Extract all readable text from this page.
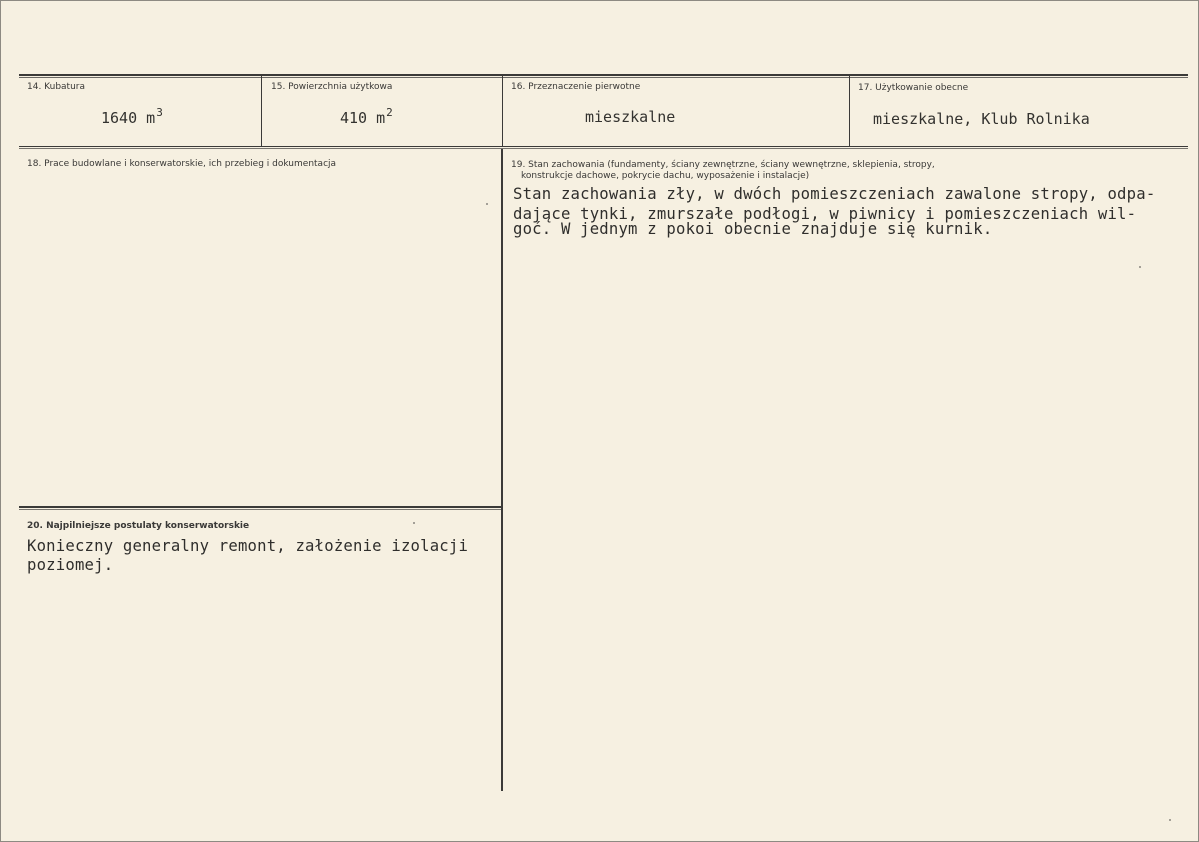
14. Kubatura
1640 $m^3$
15. Powierzchnia użytkowa
410 $m^2$
16. Przeznaczenie pierwotne
mieszkalne
17. Użytkowanie obecne
mieszkalne, Klub Rolnika
18. Prace budowlane i konserwatorskie, ich przebieg i dokumentacja	19. Stan zachowania (fundamenty, ściany zewnętrzne, ściany wewnętrzne, sklepienia, stropy,
konstrukcje dachowe, pokrycie dachu, wyposażenie i instalacje)
Stan zachowania zły, w dwóch pomieszczeniach zawalone stropy, odpa-
dające tynki, zmurszałe podłogi, w piwnicy i pomieszczeniach wil-
goć. W jednym z pokoi obecnie znajduje się kurnik.
20. Najpilniejsze postulaty konserwatorskie
Konieczny generalny remont, założenie izolacji
poziomej.
